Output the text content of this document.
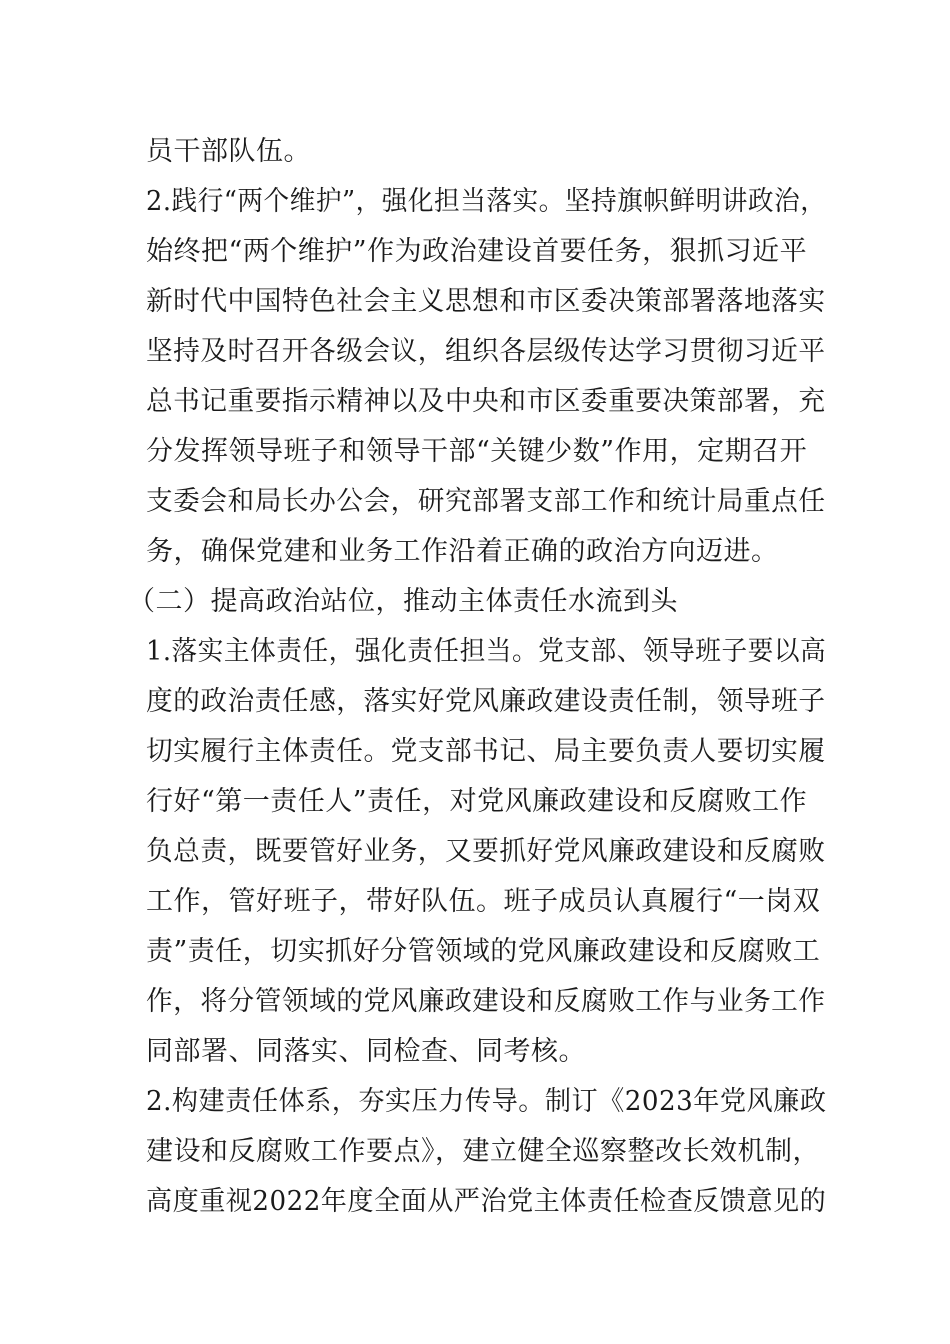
员干部队伍。
2.践行“两个维护”，强化担当落实。坚持旗帜鲜明讲政治，
始终把“两个维护”作为政治建设首要任务，狠抓习近平
新时代中国特色社会主义思想和市区委决策部署落地落实
坚持及时召开各级会议，组织各层级传达学习贯彻习近平
总书记重要指示精神以及中央和市区委重要决策部署，充
分发挥领导班子和领导干部“关键少数”作用，定期召开
支委会和局长办公会，研究部署支部工作和统计局重点任
务，确保党建和业务工作沿着正确的政治方向迈进。
（二）提高政治站位，推动主体责任水流到头
1.落实主体责任，强化责任担当。党支部、领导班子要以高
度的政治责任感，落实好党风廉政建设责任制，领导班子
切实履行主体责任。党支部书记、局主要负责人要切实履
行好“第一责任人”责任，对党风廉政建设和反腐败工作
负总责，既要管好业务，又要抓好党风廉政建设和反腐败
工作，管好班子，带好队伍。班子成员认真履行“一岗双
责”责任，切实抓好分管领域的党风廉政建设和反腐败工
作，将分管领域的党风廉政建设和反腐败工作与业务工作
同部署、同落实、同检查、同考核。
2.构建责任体系，夯实压力传导。制订《2023年党风廉政
建设和反腐败工作要点》，建立健全巡察整改长效机制，
高度重视2022年度全面从严治党主体责任检查反馈意见的
